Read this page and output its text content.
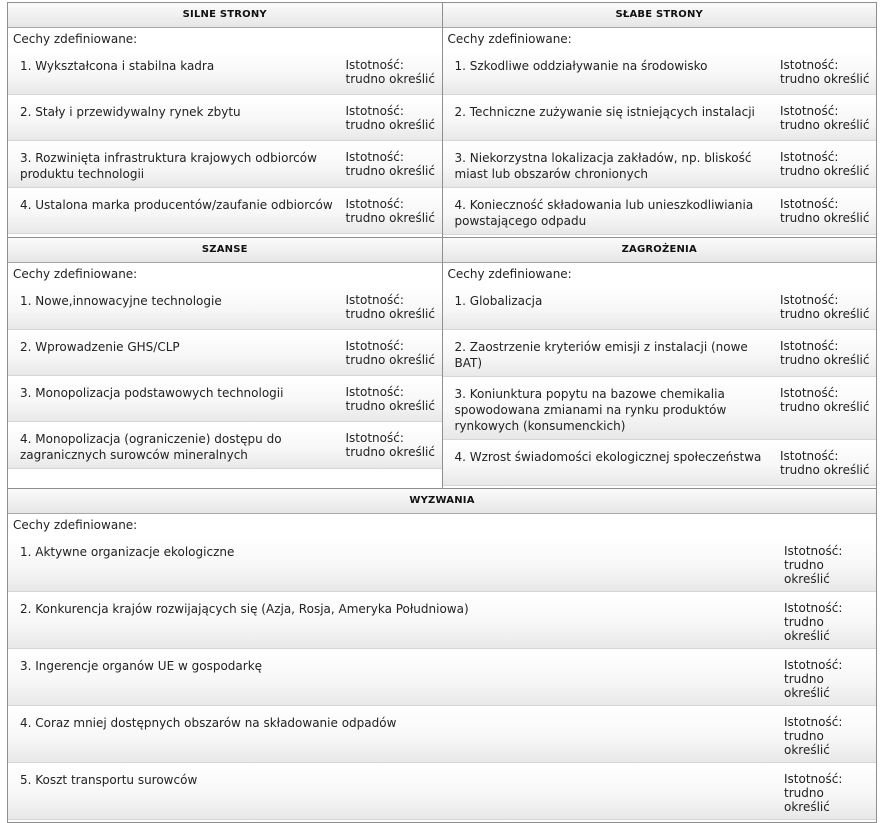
SILNE STRONY
Cechy zdefiniowane:
1. Wykształcona i stabilna kadra	Istotność:
trudno określić
2. Stały i przewidywalny rynek zbytu	Istotność:
trudno określić
3. Rozwinięta infrastruktura krajowych odbiorców produktu technologii
Istotność:
trudno określić
4. Ustalona marka producentów/zaufanie odbiorców	Istotność:
trudno określić
SŁABE STRONY
Cechy zdefiniowane:
1. Szkodliwe oddziaływanie na środowisko	Istotność:
trudno określić
2. Techniczne zużywanie się istniejących instalacji	Istotność:
trudno określić
3. Niekorzystna lokalizacja zakładów, np. bliskość miast lub obszarów chronionych
Istotność:
trudno określić
4. Konieczność składowania lub unieszkodliwiania powstającego odpadu
Istotność:
trudno określić
SZANSE
Cechy zdefiniowane:
1. Nowe,innowacyjne technologie	Istotność:
trudno określić
2. Wprowadzenie GHS/CLP	Istotność:
trudno określić
3. Monopolizacja podstawowych technologii	Istotność:
trudno określić
4. Monopolizacja (ograniczenie) dostępu do zagranicznych surowców mineralnych
Istotność:
trudno określić
ZAGROŻENIA
Cechy zdefiniowane:
1. Globalizacja	Istotność:
trudno określić
2. Zaostrzenie kryteriów emisji z instalacji (nowe BAT)
Istotność:
trudno określić
3. Koniunktura popytu na bazowe chemikalia spowodowana zmianami na rynku produktów rynkowych (konsumenckich)
Istotność:
trudno określić
4. Wzrost świadomości ekologicznej społeczeństwa	Istotność:
trudno określić
WYZWANIA
Cechy zdefiniowane:
1. Aktywne organizacje ekologiczne	Istotność:
trudno określić
2. Konkurencja krajów rozwijających się (Azja, Rosja, Ameryka Południowa)	Istotność:
trudno określić
3. Ingerencje organów UE w gospodarkę	Istotność:
trudno określić
4. Coraz mniej dostępnych obszarów na składowanie odpadów	Istotność:
trudno określić
5. Koszt transportu surowców	Istotność:
trudno określić
